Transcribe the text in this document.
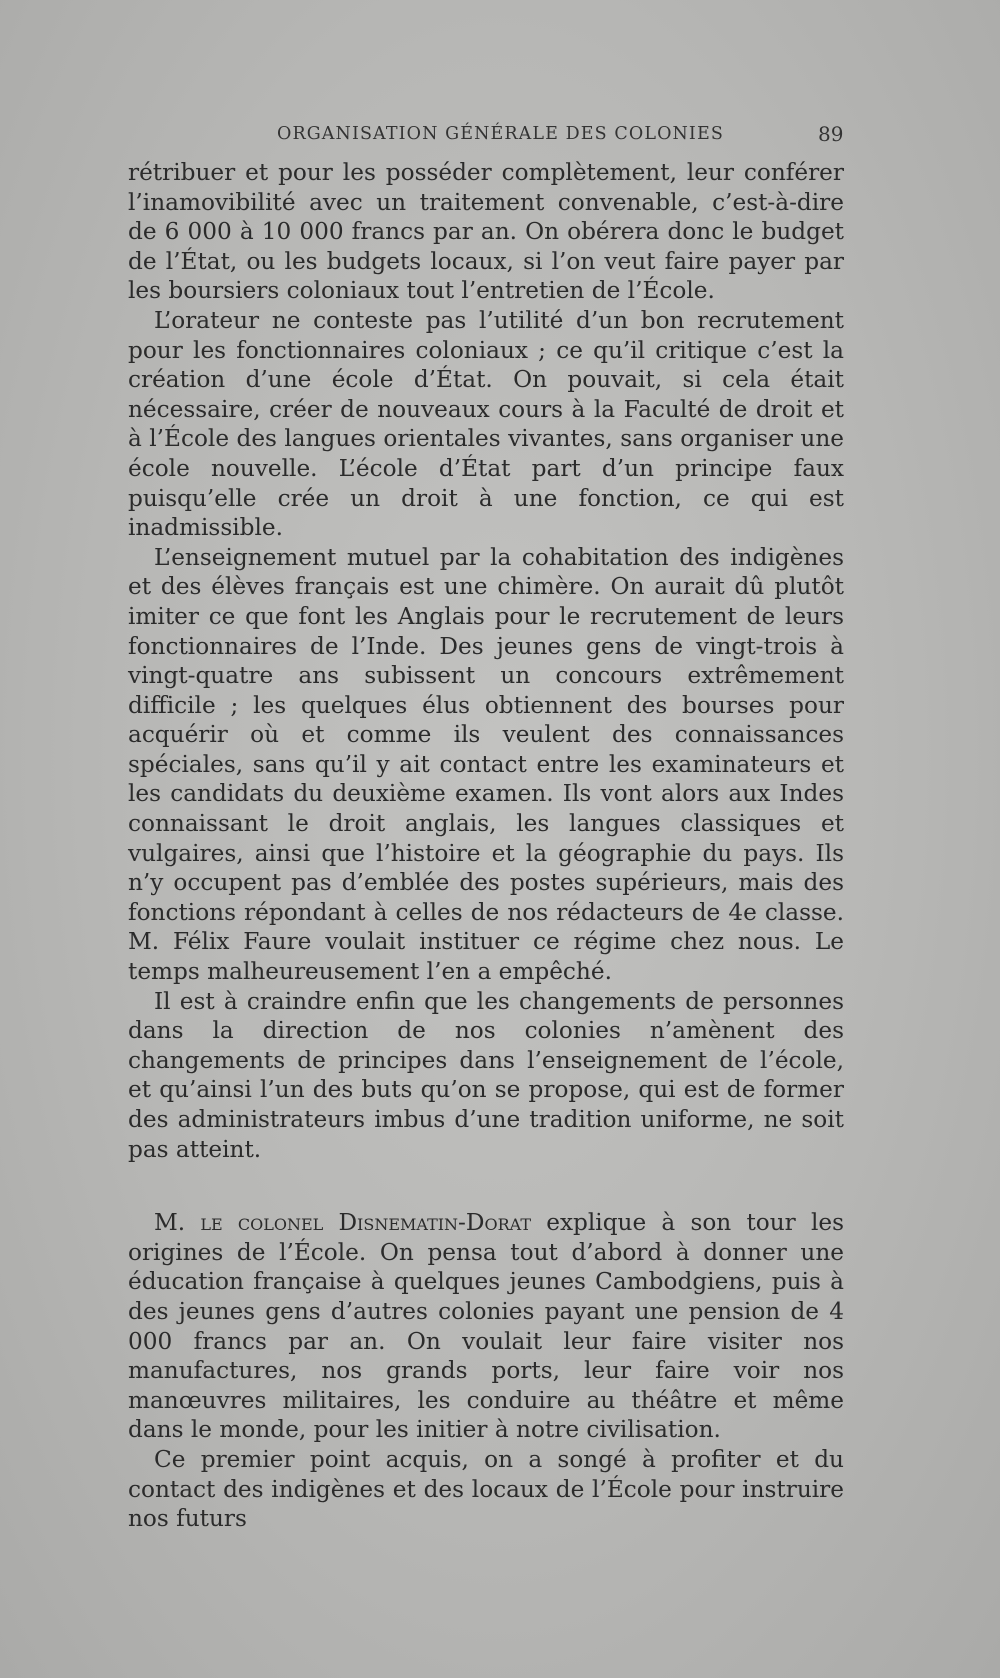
ORGANISATION GÉNÉRALE DES COLONIES	89

rétribuer et pour les posséder complètement, leur conférer l’inamovibilité avec un traitement convenable, c’est-à-dire de 6 000 à 10 000 francs par an. On obérera donc le budget de l’État, ou les budgets locaux, si l’on veut faire payer par les boursiers coloniaux tout l’entretien de l’École.

L’orateur ne conteste pas l’utilité d’un bon recrutement pour les fonctionnaires coloniaux ; ce qu’il critique c’est la création d’une école d’État. On pouvait, si cela était nécessaire, créer de nouveaux cours à la Faculté de droit et à l’École des langues orientales vivantes, sans organiser une école nouvelle. L’école d’État part d’un principe faux puisqu’elle crée un droit à une fonction, ce qui est inadmissible.

L’enseignement mutuel par la cohabitation des indigènes et des élèves français est une chimère. On aurait dû plutôt imiter ce que font les Anglais pour le recrutement de leurs fonctionnaires de l’Inde. Des jeunes gens de vingt-trois à vingt-quatre ans subissent un concours extrêmement difficile ; les quelques élus obtiennent des bourses pour acquérir où et comme ils veulent des connaissances spéciales, sans qu’il y ait contact entre les examinateurs et les candidats du deuxième examen. Ils vont alors aux Indes connaissant le droit anglais, les langues classiques et vulgaires, ainsi que l’histoire et la géographie du pays. Ils n’y occupent pas d’emblée des postes supérieurs, mais des fonctions répondant à celles de nos rédacteurs de 4e classe. M. Félix Faure voulait instituer ce régime chez nous. Le temps malheureusement l’en a empêché.

Il est à craindre enfin que les changements de personnes dans la direction de nos colonies n’amènent des changements de principes dans l’enseignement de l’école, et qu’ainsi l’un des buts qu’on se propose, qui est de former des administrateurs imbus d’une tradition uniforme, ne soit pas atteint.

M. le colonel Disnematin-Dorat explique à son tour les origines de l’École. On pensa tout d’abord à donner une éducation française à quelques jeunes Cambodgiens, puis à des jeunes gens d’autres colonies payant une pension de 4 000 francs par an. On voulait leur faire visiter nos manufactures, nos grands ports, leur faire voir nos manœuvres militaires, les conduire au théâtre et même dans le monde, pour les initier à notre civilisation.

Ce premier point acquis, on a songé à profiter et du contact des indigènes et des locaux de l’École pour instruire nos futurs
